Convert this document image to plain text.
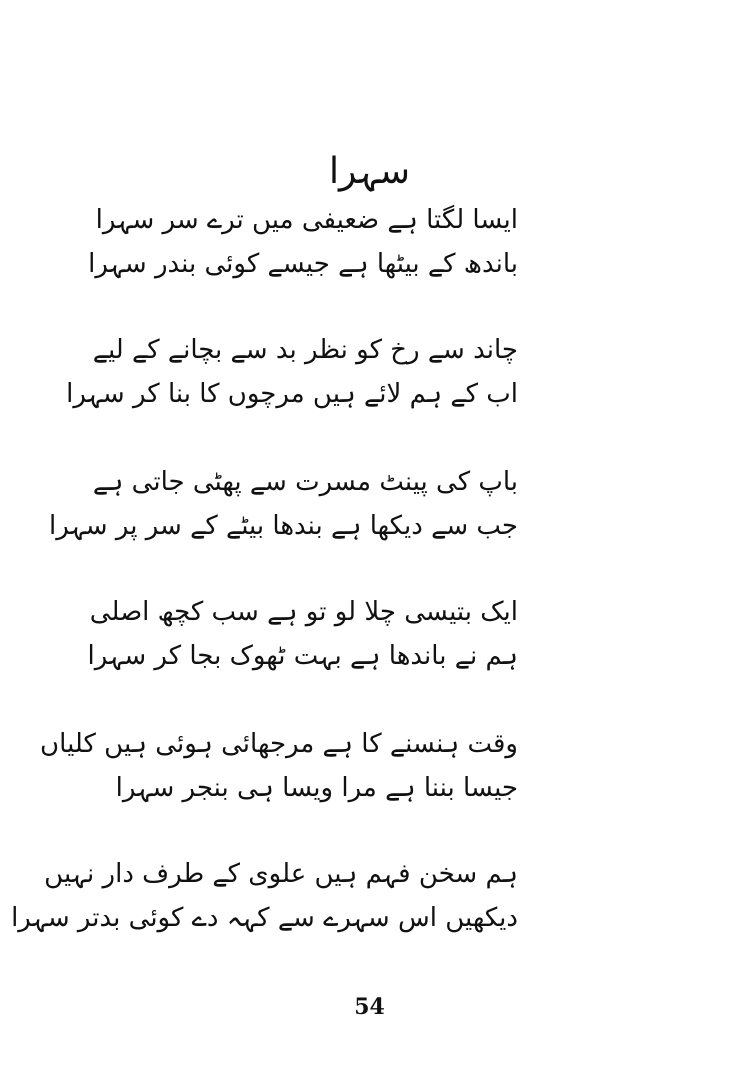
سہرا
ایسا لگتا ہے ضعیفی میں ترے سر سہرا
باندھ کے بیٹھا ہے جیسے کوئی بندر سہرا
چاند سے رخ کو نظر بد سے بچانے کے لیے
اب کے ہم لائے ہیں مرچوں کا بنا کر سہرا
باپ کی پینٹ مسرت سے پھٹی جاتی ہے
جب سے دیکھا ہے بندھا بیٹے کے سر پر سہرا
ایک بتیسی چلا لو تو ہے سب کچھ اصلی
ہم نے باندھا ہے بہت ٹھوک بجا کر سہرا
وقت ہنسنے کا ہے مرجھائی ہوئی ہیں کلیاں
جیسا بننا ہے مرا ویسا ہی بنجر سہرا
ہم سخن فہم ہیں علوی کے طرف دار نہیں
دیکھیں اس سہرے سے کہہ دے کوئی بدتر سہرا
54
